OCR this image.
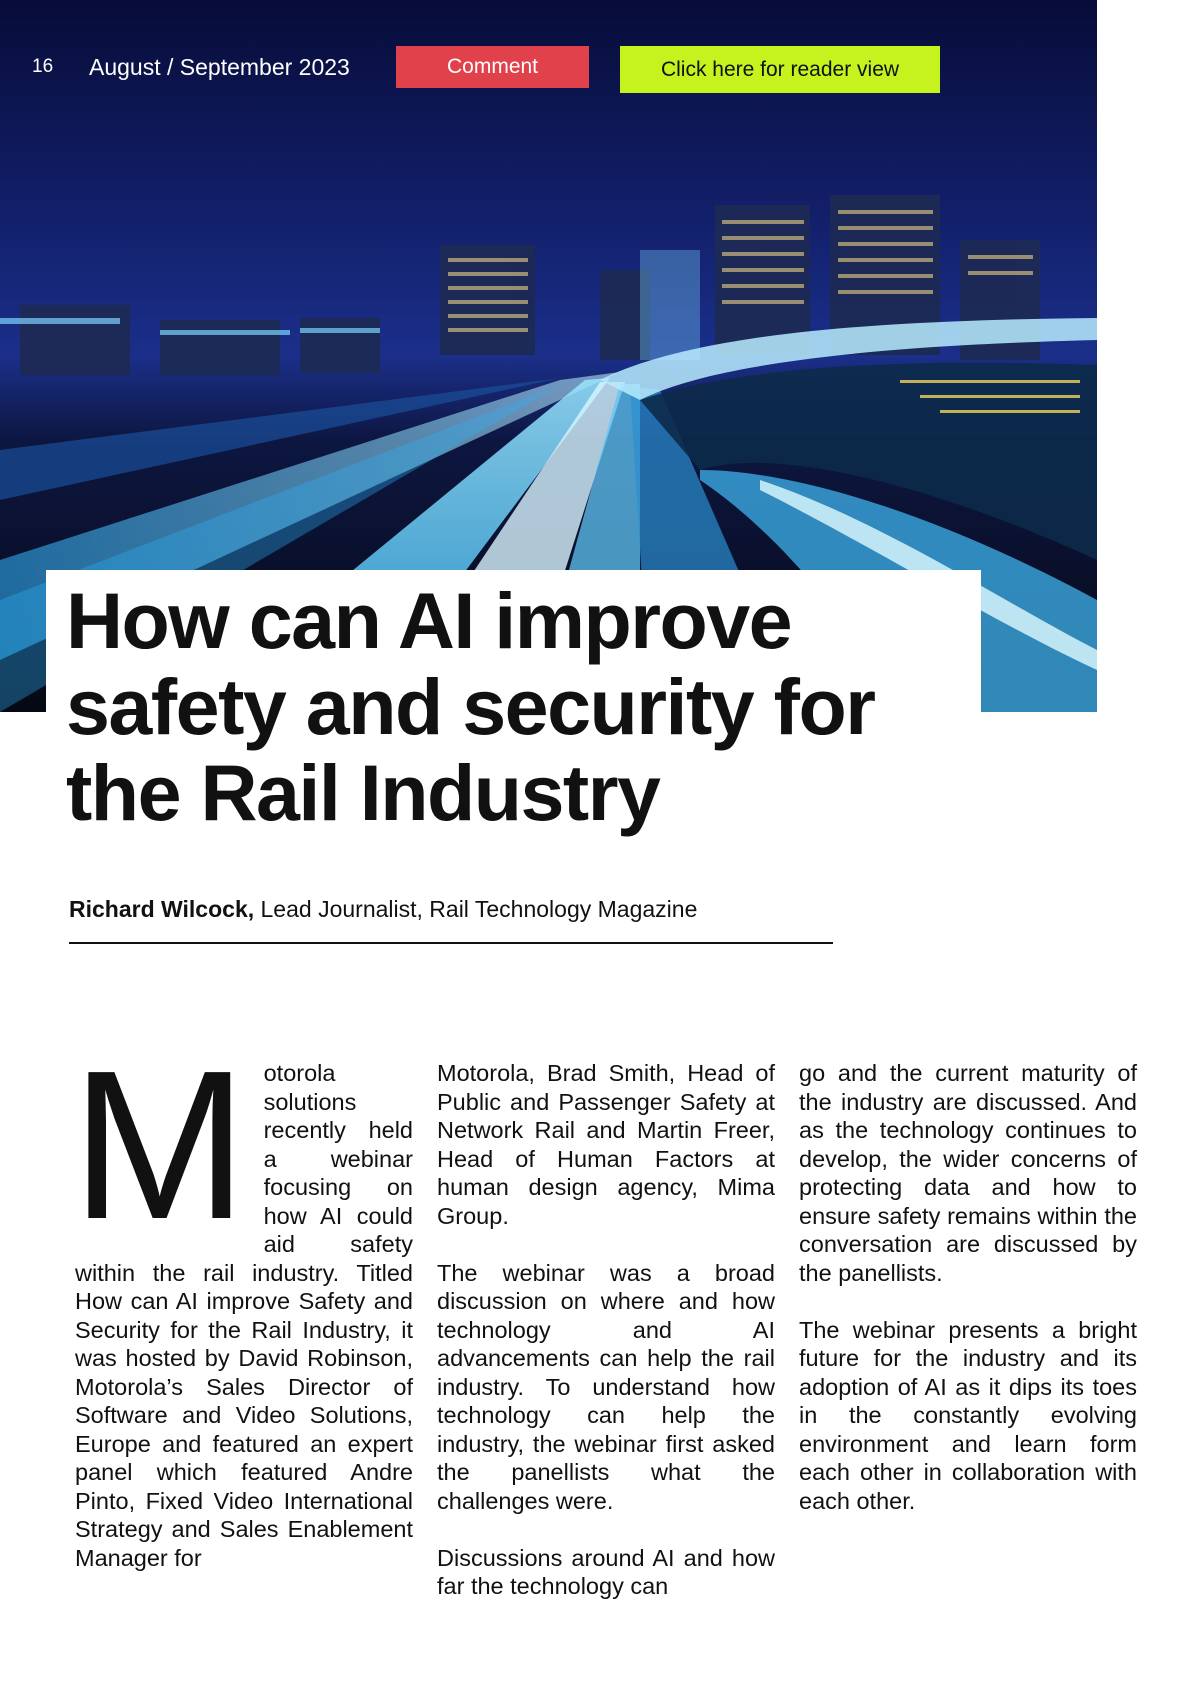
16 August / September 2023	Comment	Click here for reader view
How can AI improve safety and security for the Rail Industry
Richard Wilcock, Lead Journalist, Rail Technology Magazine
M otorola solutions recently held a webinar focusing on how AI could aid safety within the rail industry. Titled How can AI improve Safety and Security for the Rail Industry, it was hosted by David Robinson, Motorola’s Sales Director of Software and Video Solutions, Europe and featured an expert panel which featured Andre Pinto, Fixed Video International Strategy and Sales Enablement Manager for

Motorola, Brad Smith, Head of Public and Passenger Safety at Network Rail and Martin Freer, Head of Human Factors at human design agency, Mima Group.

The webinar was a broad discussion on where and how technology and AI advancements can help the rail industry. To understand how technology can help the industry, the webinar first asked the panellists what the challenges were.

Discussions around AI and how far the technology can

go and the current maturity of the industry are discussed. And as the technology continues to develop, the wider concerns of protecting data and how to ensure safety remains within the conversation are discussed by the panellists.

The webinar presents a bright future for the industry and its adoption of AI as it dips its toes in the constantly evolving environment and learn form each other in collaboration with each other.
